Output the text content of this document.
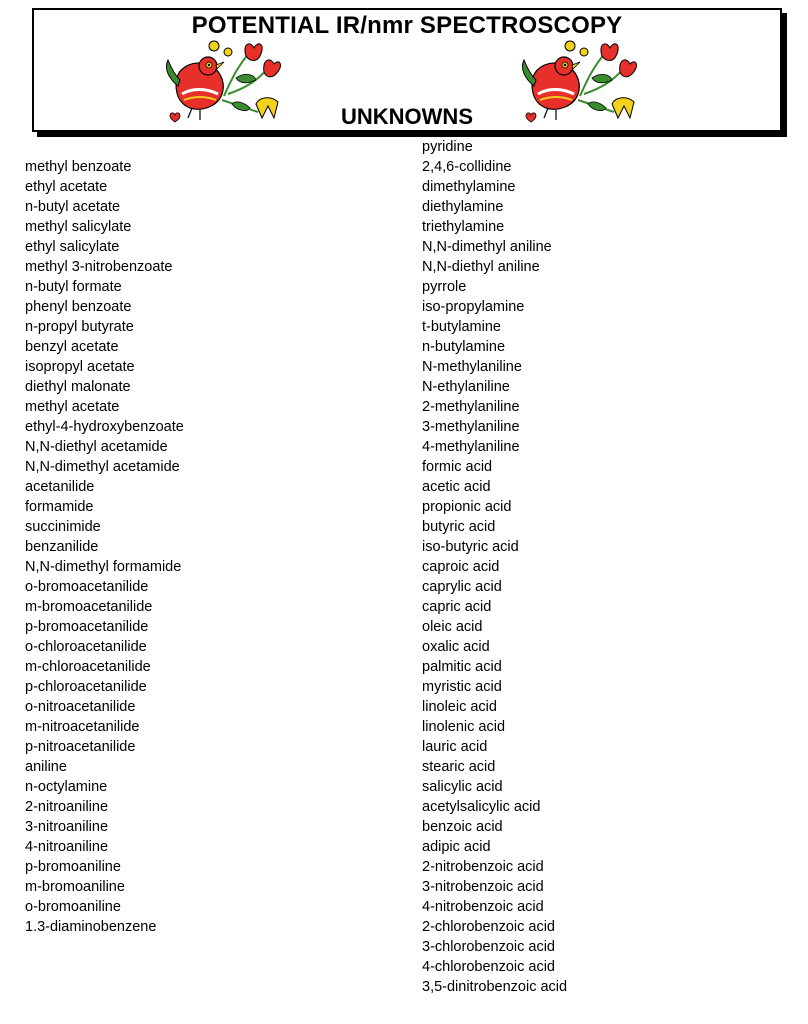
POTENTIAL IR/nmr SPECTROSCOPY
UNKNOWNS
methyl benzoate
ethyl acetate
n-butyl acetate
methyl salicylate
ethyl salicylate
methyl 3-nitrobenzoate
n-butyl formate
phenyl benzoate
n-propyl butyrate
benzyl acetate
isopropyl acetate
diethyl malonate
methyl acetate
ethyl-4-hydroxybenzoate
N,N-diethyl acetamide
N,N-dimethyl acetamide
acetanilide
formamide
succinimide
benzanilide
N,N-dimethyl formamide
o-bromoacetanilide
m-bromoacetanilide
p-bromoacetanilide
o-chloroacetanilide
m-chloroacetanilide
p-chloroacetanilide
o-nitroacetanilide
m-nitroacetanilide
p-nitroacetanilide
aniline
n-octylamine
2-nitroaniline
3-nitroaniline
4-nitroaniline
p-bromoaniline
m-bromoaniline
o-bromoaniline
1.3-diaminobenzene
pyridine
2,4,6-collidine
dimethylamine
diethylamine
triethylamine
N,N-dimethyl aniline
N,N-diethyl aniline
pyrrole
iso-propylamine
t-butylamine
n-butylamine
N-methylaniline
N-ethylaniline
2-methylaniline
3-methylaniline
4-methylaniline
formic acid
acetic acid
propionic acid
butyric acid
iso-butyric acid
caproic acid
caprylic acid
capric acid
oleic acid
oxalic acid
palmitic acid
myristic acid
linoleic acid
linolenic acid
lauric acid
stearic acid
salicylic acid
acetylsalicylic acid
benzoic acid
adipic acid
2-nitrobenzoic acid
3-nitrobenzoic acid
4-nitrobenzoic acid
2-chlorobenzoic acid
3-chlorobenzoic acid
4-chlorobenzoic acid
3,5-dinitrobenzoic acid
